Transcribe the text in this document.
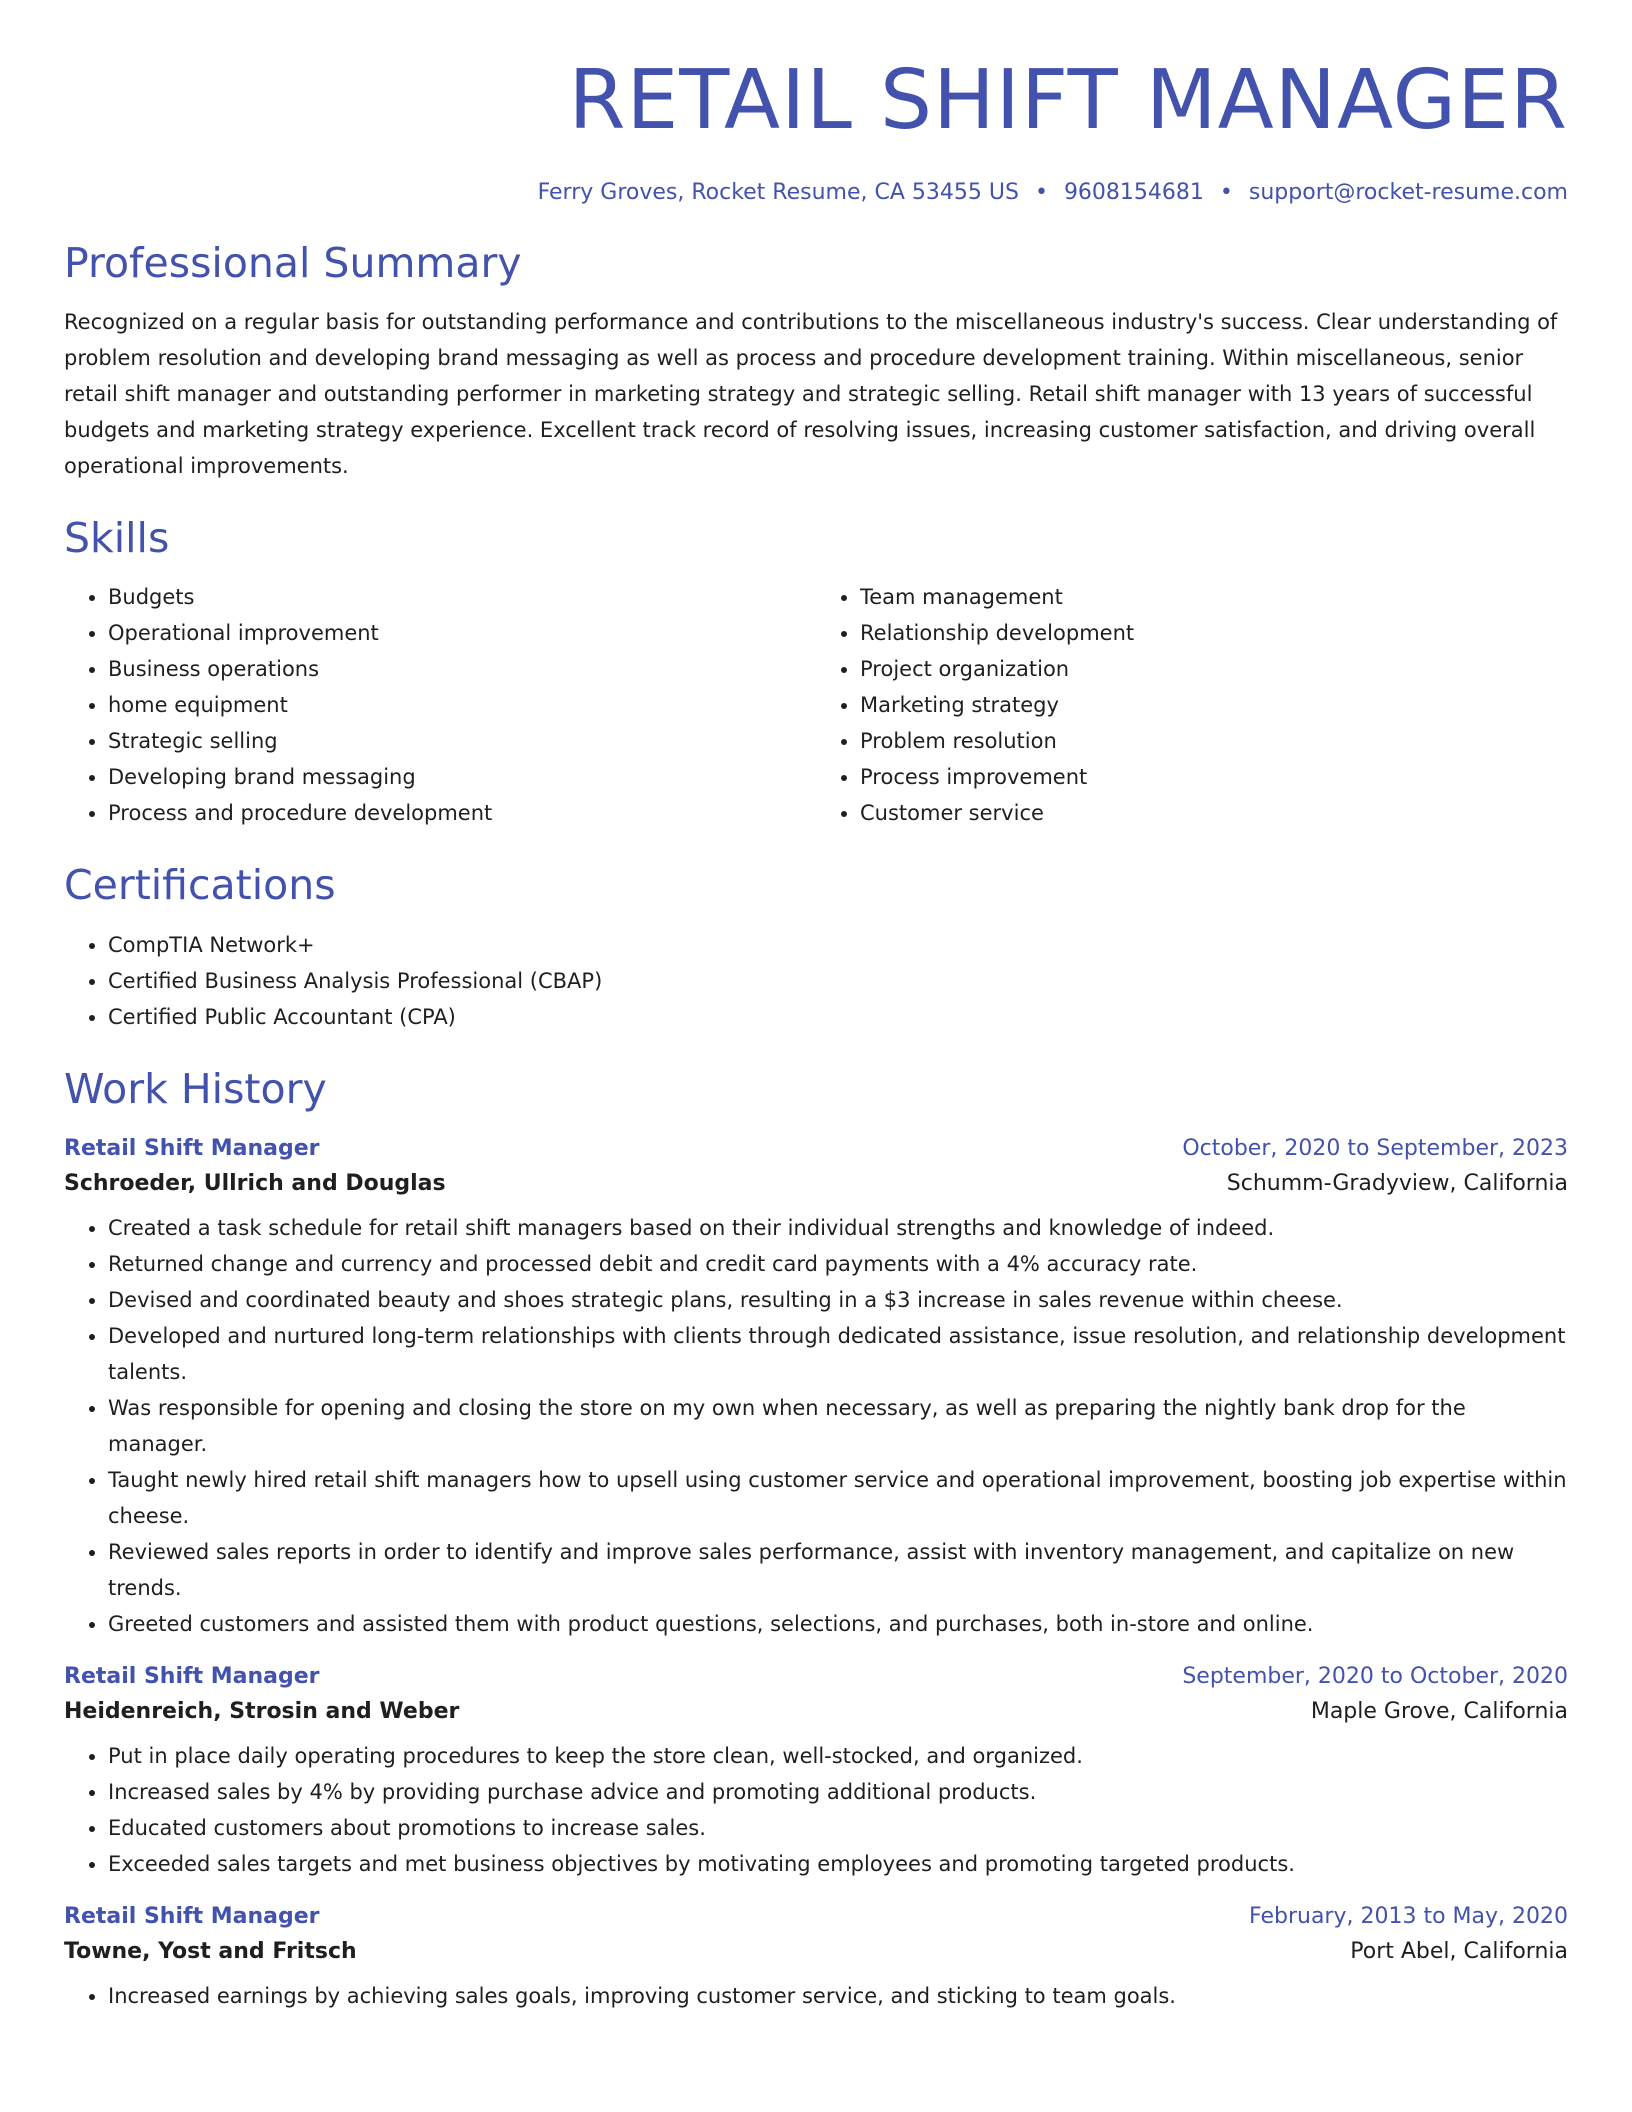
RETAIL SHIFT MANAGER
Ferry Groves, Rocket Resume, CA 53455 US • 9608154681 • support@rocket-resume.com
Professional Summary
Recognized on a regular basis for outstanding performance and contributions to the miscellaneous industry's success. Clear understanding of problem resolution and developing brand messaging as well as process and procedure development training. Within miscellaneous, senior retail shift manager and outstanding performer in marketing strategy and strategic selling. Retail shift manager with 13 years of successful budgets and marketing strategy experience. Excellent track record of resolving issues, increasing customer satisfaction, and driving overall operational improvements.
Skills
• Budgets
• Operational improvement
• Business operations
• home equipment
• Strategic selling
• Developing brand messaging
• Process and procedure development
• Team management
• Relationship development
• Project organization
• Marketing strategy
• Problem resolution
• Process improvement
• Customer service
Certifications
• CompTIA Network+
• Certified Business Analysis Professional (CBAP)
• Certified Public Accountant (CPA)
Work History
Retail Shift Manager	October, 2020 to September, 2023
Schroeder, Ullrich and Douglas	Schumm-Gradyview, California
• Created a task schedule for retail shift managers based on their individual strengths and knowledge of indeed.
• Returned change and currency and processed debit and credit card payments with a 4% accuracy rate.
• Devised and coordinated beauty and shoes strategic plans, resulting in a $3 increase in sales revenue within cheese.
• Developed and nurtured long-term relationships with clients through dedicated assistance, issue resolution, and relationship development talents.
• Was responsible for opening and closing the store on my own when necessary, as well as preparing the nightly bank drop for the manager.
• Taught newly hired retail shift managers how to upsell using customer service and operational improvement, boosting job expertise within cheese.
• Reviewed sales reports in order to identify and improve sales performance, assist with inventory management, and capitalize on new trends.
• Greeted customers and assisted them with product questions, selections, and purchases, both in-store and online.
Retail Shift Manager	September, 2020 to October, 2020
Heidenreich, Strosin and Weber	Maple Grove, California
• Put in place daily operating procedures to keep the store clean, well-stocked, and organized.
• Increased sales by 4% by providing purchase advice and promoting additional products.
• Educated customers about promotions to increase sales.
• Exceeded sales targets and met business objectives by motivating employees and promoting targeted products.
Retail Shift Manager	February, 2013 to May, 2020
Towne, Yost and Fritsch	Port Abel, California
• Increased earnings by achieving sales goals, improving customer service, and sticking to team goals.
